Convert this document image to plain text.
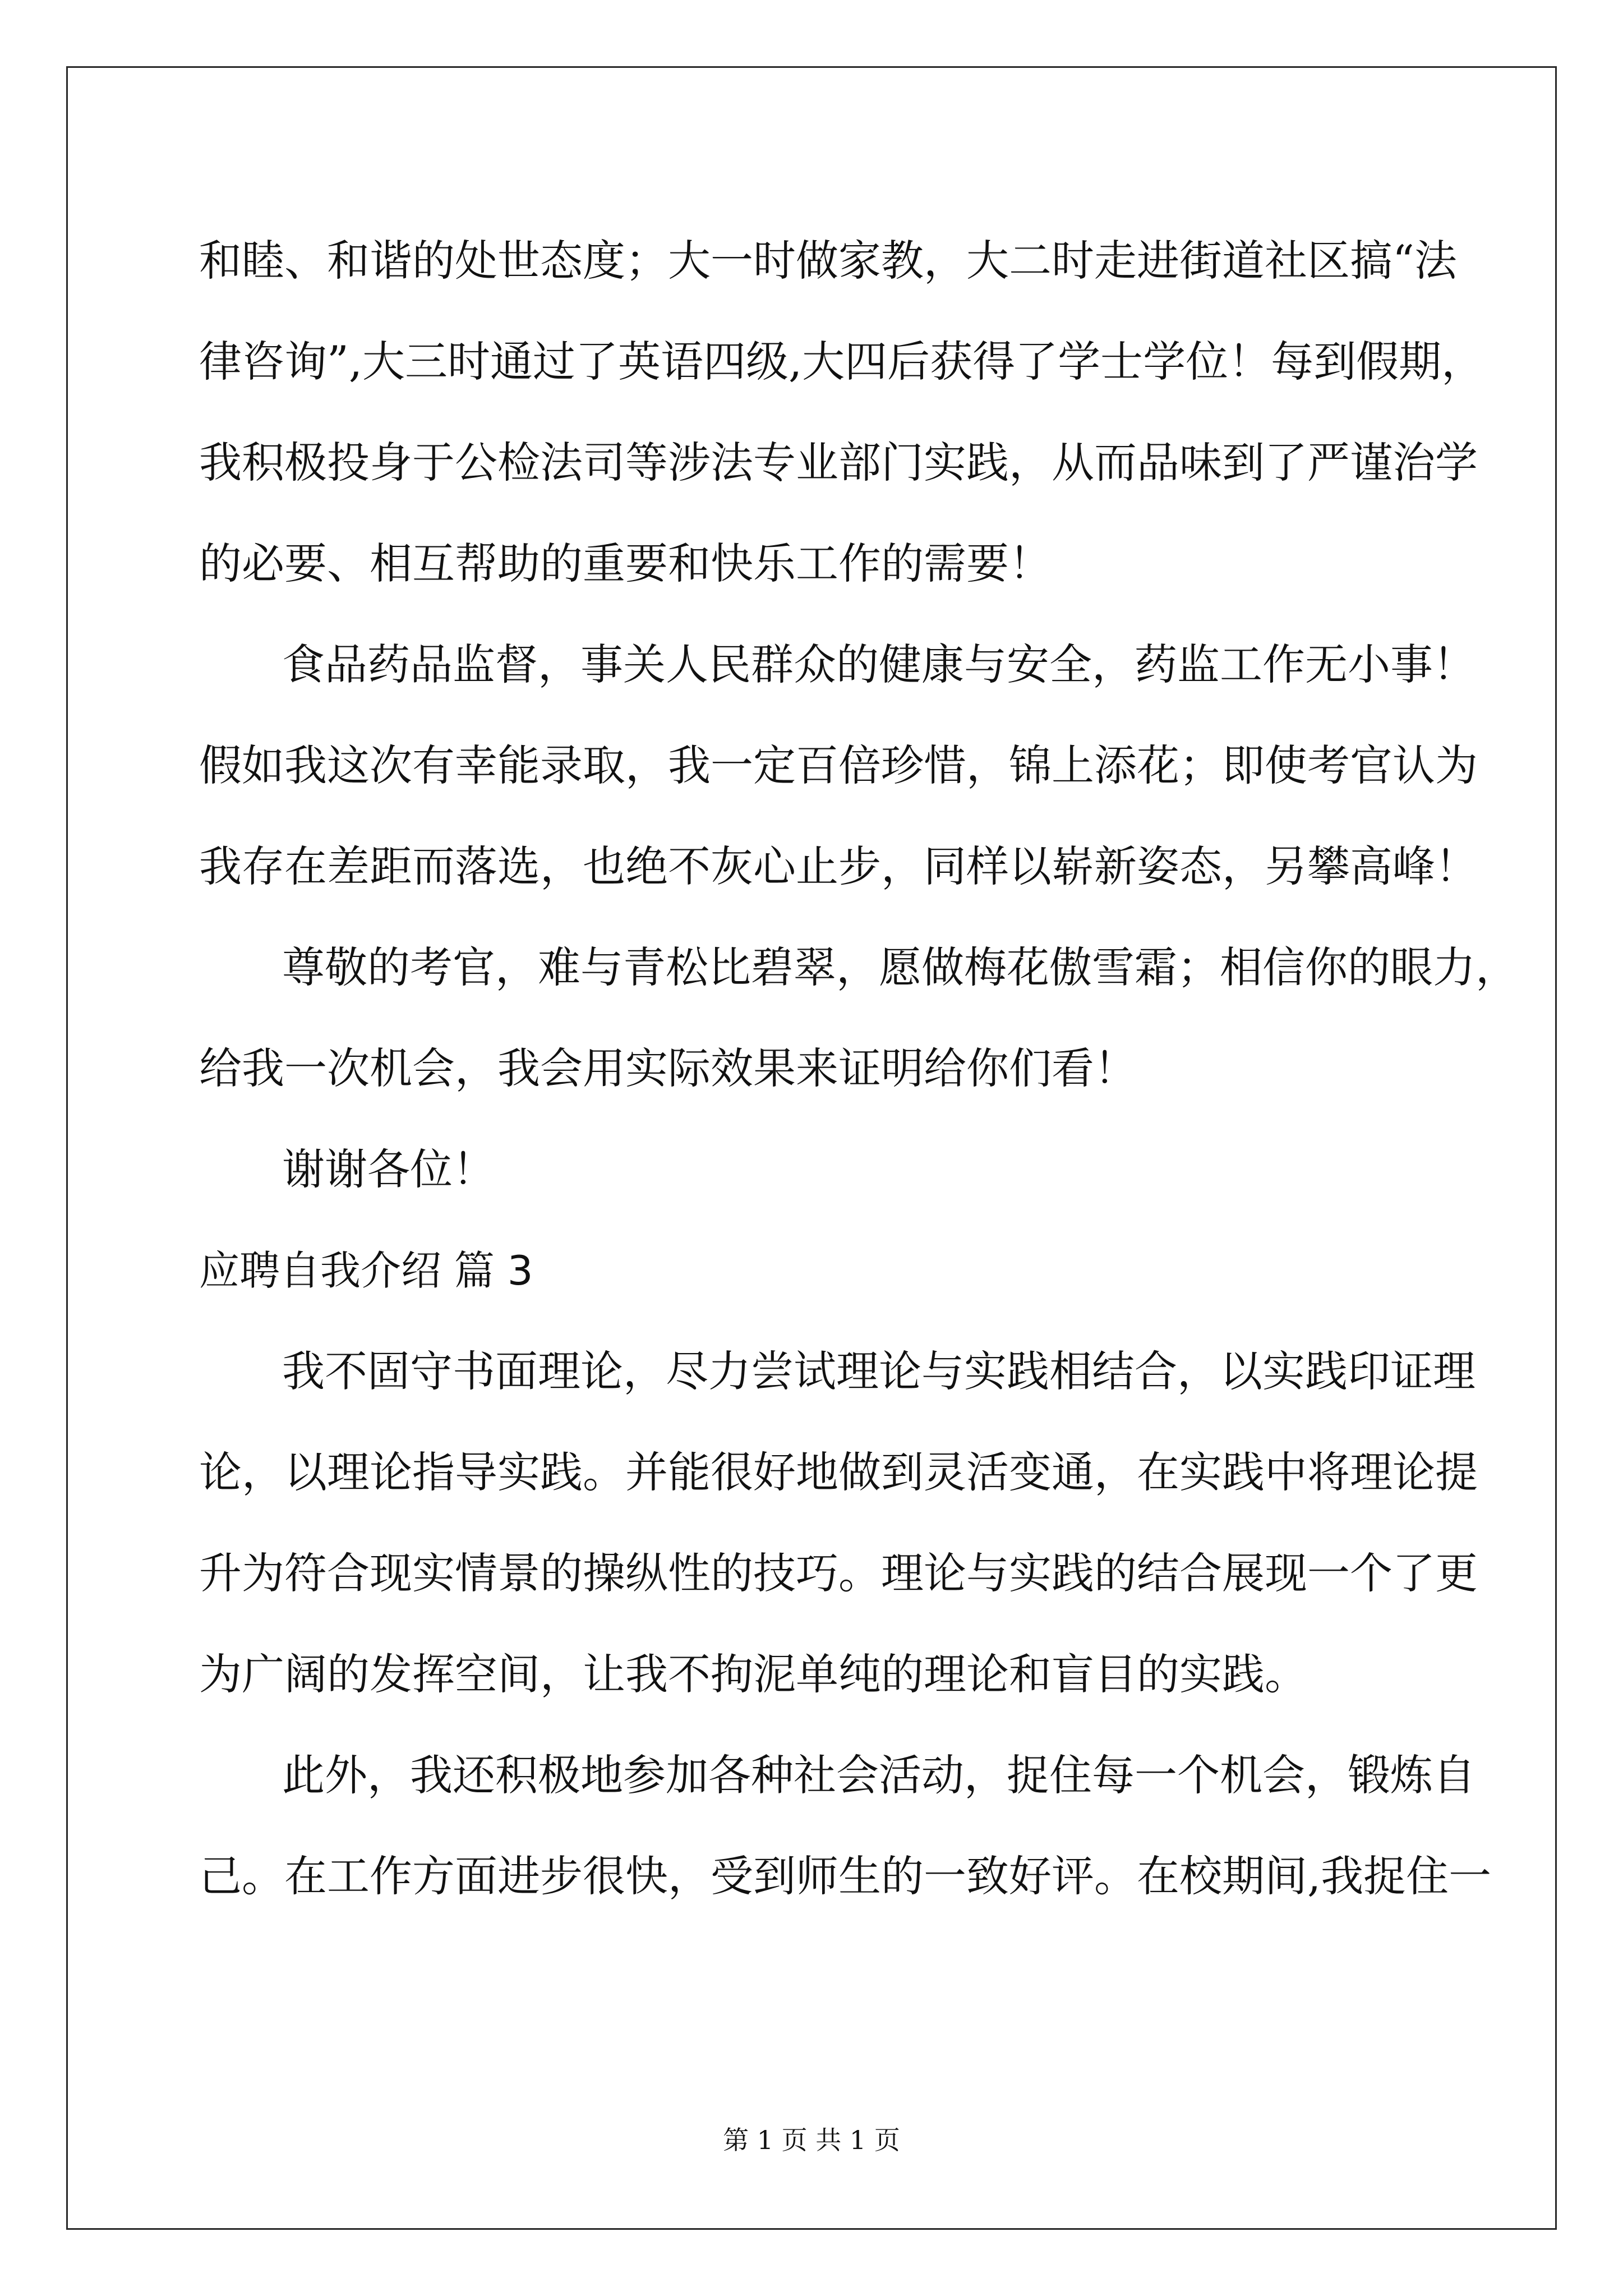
和睦、和谐的处世态度；大一时做家教，大二时走进街道社区搞“法
律咨询”,大三时通过了英语四级,大四后获得了学士学位！每到假期，
我积极投身于公检法司等涉法专业部门实践，从而品味到了严谨治学
的必要、相互帮助的重要和快乐工作的需要！
食品药品监督，事关人民群众的健康与安全，药监工作无小事！
假如我这次有幸能录取，我一定百倍珍惜，锦上添花；即使考官认为
我存在差距而落选，也绝不灰心止步，同样以崭新姿态，另攀高峰！
尊敬的考官，难与青松比碧翠，愿做梅花傲雪霜；相信你的眼力，
给我一次机会，我会用实际效果来证明给你们看！
谢谢各位！
应聘自我介绍 篇 3
我不固守书面理论，尽力尝试理论与实践相结合，以实践印证理
论，以理论指导实践。并能很好地做到灵活变通，在实践中将理论提
升为符合现实情景的操纵性的技巧。理论与实践的结合展现一个了更
为广阔的发挥空间，让我不拘泥单纯的理论和盲目的实践。
此外，我还积极地参加各种社会活动，捉住每一个机会，锻炼自
己。在工作方面进步很快，受到师生的一致好评。在校期间,我捉住一
第 1 页 共 1 页
